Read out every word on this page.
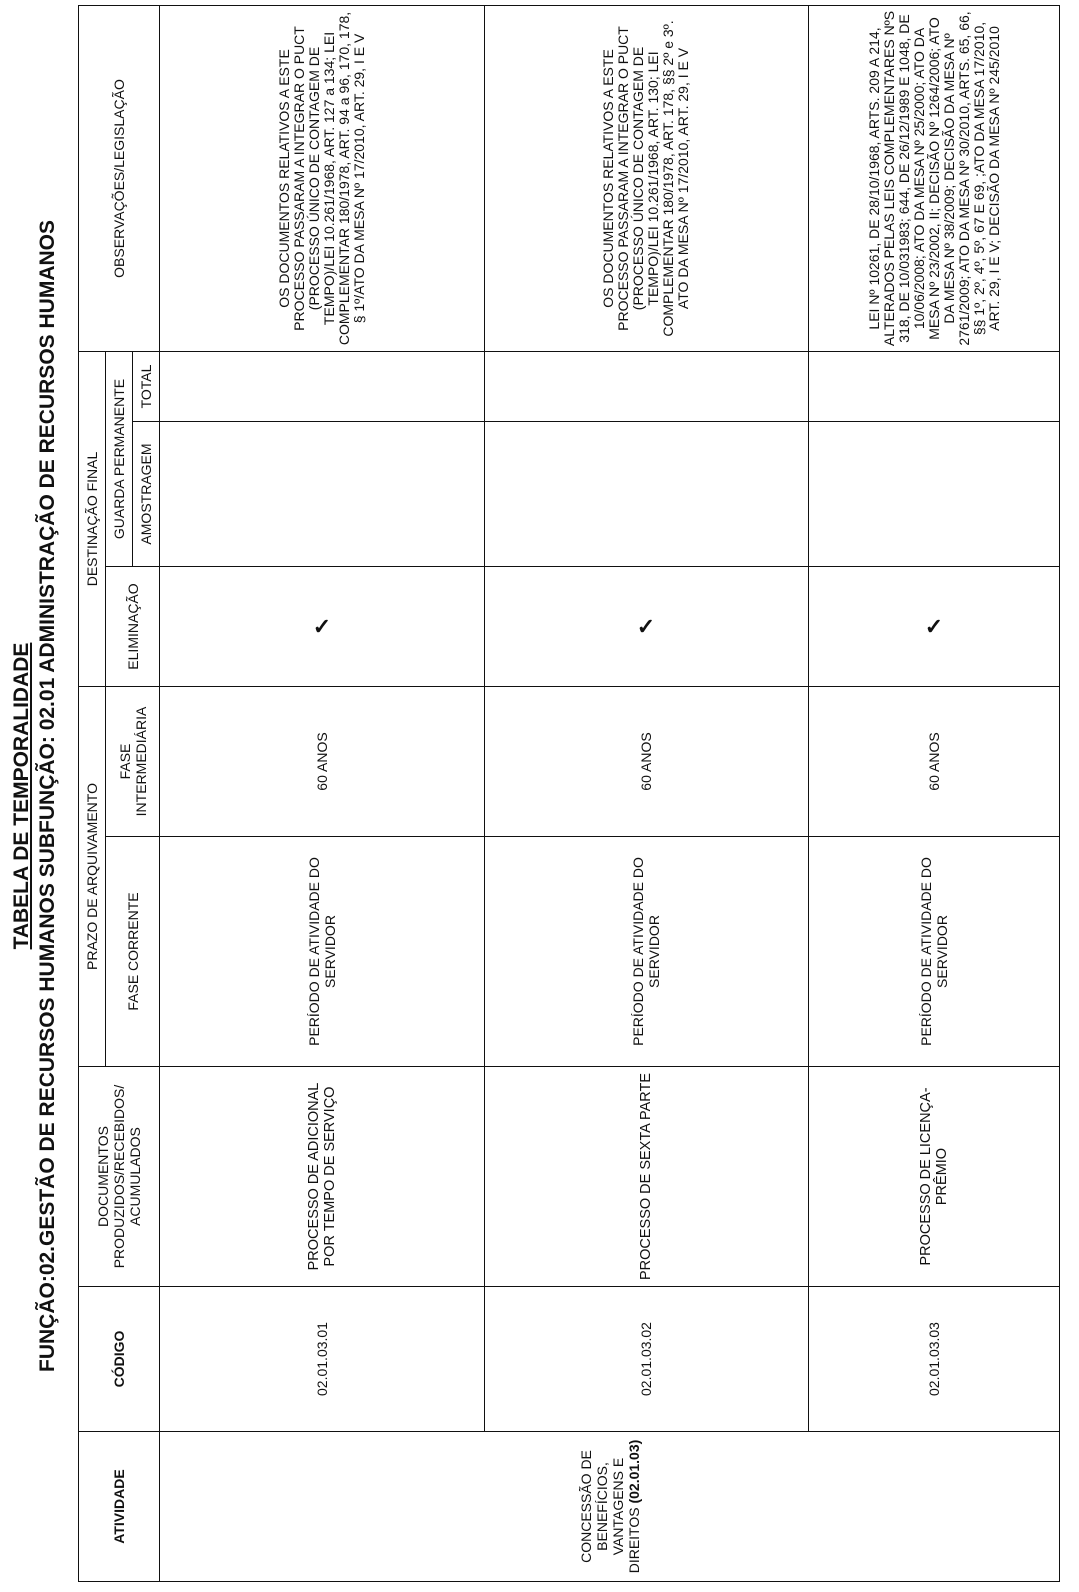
TABELA DE TEMPORALIDADE FUNÇÃO:02.GESTÃO DE RECURSOS HUMANOS SUBFUNÇÃO: 02.01 ADMINISTRAÇÃO DE RECURSOS HUMANOS
ATIVIDADE	CÓDIGO	DOCUMENTOS PRODUZIDOS/RECEBIDOS/ ACUMULADOS	PRAZO DE ARQUIVAMENTO		DESTINAÇÃO FINAL			OBSERVAÇÕES/LEGISLAÇÃO
			FASE CORRENTE	FASE INTERMEDIÁRIA	ELIMINAÇÃO	GUARDA PERMANENTE		
						AMOSTRAGEM	TOTAL	
CONCESSÃO DE BENEFÍCIOS, VANTAGENS E DIREITOS (02.01.03)	02.01.03.01	PROCESSO DE ADICIONAL POR TEMPO DE SERVIÇO	PERÍODO DE ATIVIDADE DO SERVIDOR	60 ANOS	✓			OS DOCUMENTOS RELATIVOS A ESTE PROCESSO PASSARAM A INTEGRAR O PUCT (PROCESSO ÚNICO DE CONTAGEM DE TEMPO)/LEI 10.261/1968, ART. 127 a 134; LEI COMPLEMENTAR 180/1978, ART. 94 a 96, 170, 178, § 1º/ATO DA MESA Nº 17/2010, ART. 29, I E V
	02.01.03.02	PROCESSO DE SEXTA PARTE	PERÍODO DE ATIVIDADE DO SERVIDOR	60 ANOS	✓			OS DOCUMENTOS RELATIVOS A ESTE PROCESSO PASSARAM A INTEGRAR O PUCT (PROCESSO ÚNICO DE CONTAGEM DE TEMPO)/LEI 10.261/1968, ART. 130; LEI COMPLEMENTAR 180/1978, ART. 178, §§ 2º e 3º. ATO DA MESA Nº 17/2010, ART. 29, I E V
	02.01.03.03	PROCESSO DE LICENÇA-PRÊMIO	PERÍODO DE ATIVIDADE DO SERVIDOR	60 ANOS	✓			LEI Nº 10261, DE 28/10/1968, ARTS. 209 A 214, ALTERADOS PELAS LEIS COMPLEMENTARES NºS 318, DE 10/031983; 644, DE 26/12/1989 E 1048, DE 10/06/2008; ATO DA MESA Nº 25/2000; ATO DA MESA Nº 23/2002, II; DECISÃO Nº 1264/2006; ATO DA MESA Nº 38/2009; DECISÃO DA MESA Nº 2761/2009; ATO DA MESA Nº 30/2010, ARTS. 65, 66, §§ 1º, 2º, 4º, 5º, 67 E 69, ;ATO DA MESA 17/2010, ART. 29, I E V; DECISÃO DA MESA Nº 245/2010
